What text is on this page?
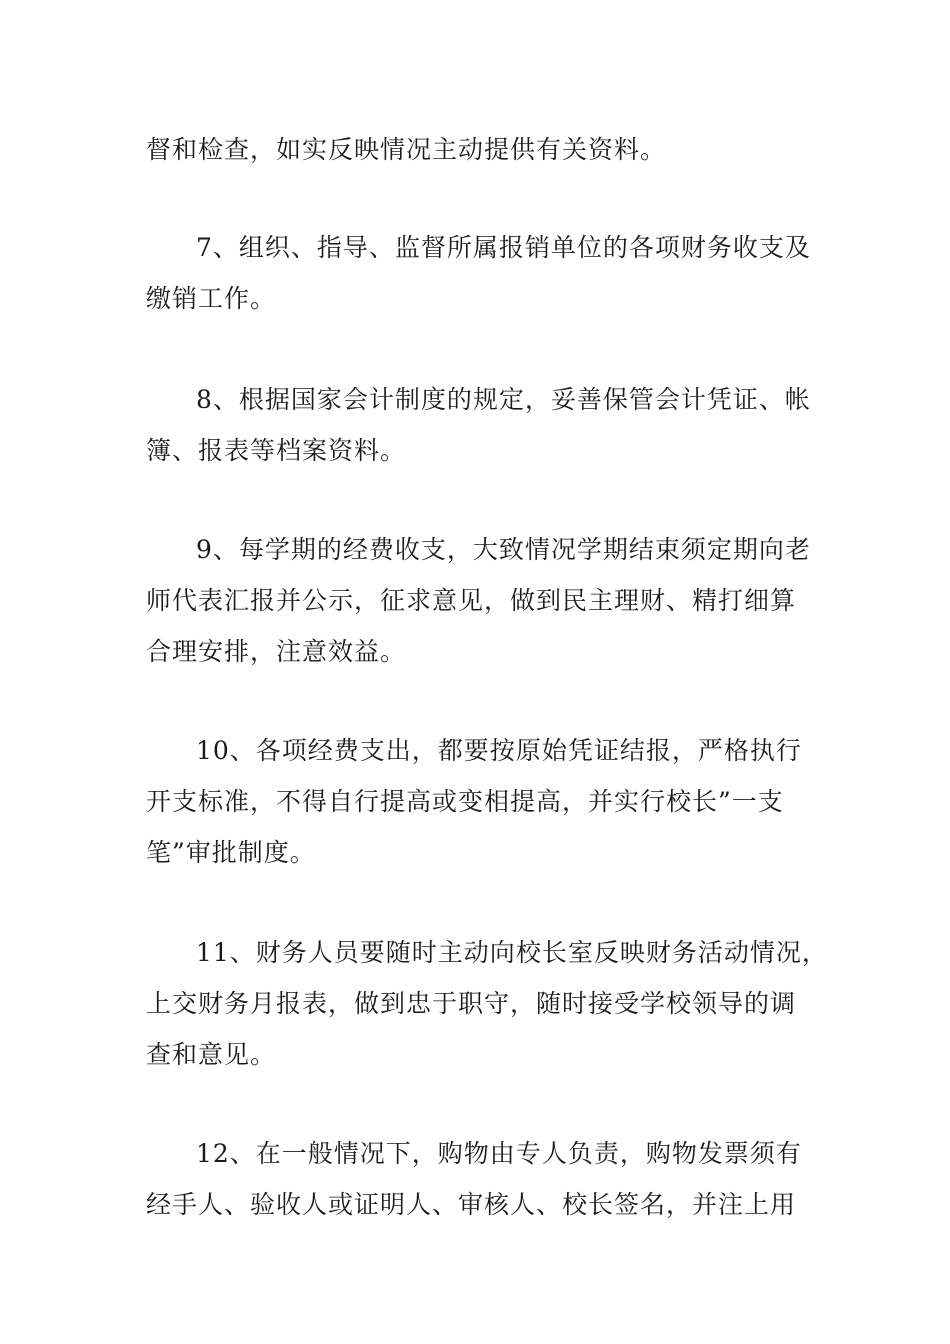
督和检查，如实反映情况主动提供有关资料。
7、组织、指导、监督所属报销单位的各项财务收支及
缴销工作。
8、根据国家会计制度的规定，妥善保管会计凭证、帐
簿、报表等档案资料。
9、每学期的经费收支，大致情况学期结束须定期向老
师代表汇报并公示，征求意见，做到民主理财、精打细算
合理安排，注意效益。
10、各项经费支出，都要按原始凭证结报，严格执行
开支标准，不得自行提高或变相提高，并实行校长”一支
笔”审批制度。
11、财务人员要随时主动向校长室反映财务活动情况，
上交财务月报表，做到忠于职守，随时接受学校领导的调
查和意见。
12、在一般情况下，购物由专人负责，购物发票须有
经手人、验收人或证明人、审核人、校长签名，并注上用
